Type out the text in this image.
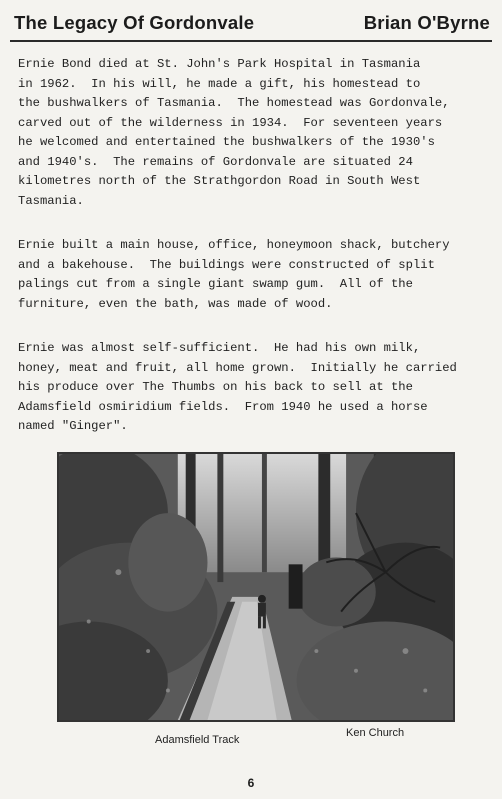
The Legacy Of Gordonvale	Brian O'Byrne
Ernie Bond died at St. John's Park Hospital in Tasmania
in 1962.  In his will, he made a gift, his homestead to
the bushwalkers of Tasmania.  The homestead was Gordonvale,
carved out of the wilderness in 1934.  For seventeen years
he welcomed and entertained the bushwalkers of the 1930's
and 1940's.  The remains of Gordonvale are situated 24
kilometres north of the Strathgordon Road in South West
Tasmania.
Ernie built a main house, office, honeymoon shack, butchery
and a bakehouse.  The buildings were constructed of split
palings cut from a single giant swamp gum.  All of the
furniture, even the bath, was made of wood.
Ernie was almost self-sufficient.  He had his own milk,
honey, meat and fruit, all home grown.  Initially he carried
his produce over The Thumbs on his back to sell at the
Adamsfield osmiridium fields.  From 1940 he used a horse
named "Ginger".
Adamsfield Track
Ken Church
6
